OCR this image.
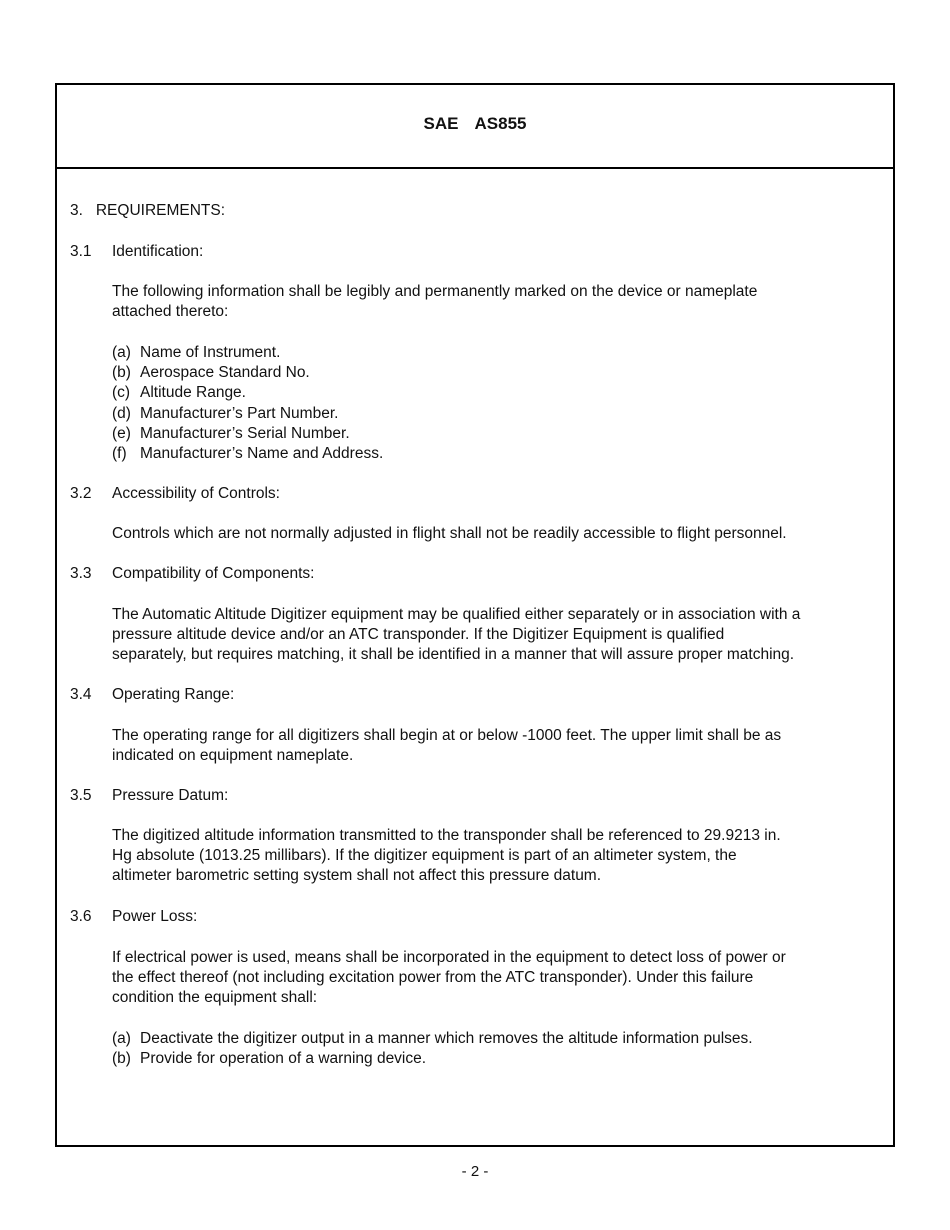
SAE AS855
3. REQUIREMENTS:
3.1 Identification:
The following information shall be legibly and permanently marked on the device or nameplate
attached thereto:
(a) Name of Instrument.
(b) Aerospace Standard No.
(c) Altitude Range.
(d) Manufacturer’s Part Number.
(e) Manufacturer’s Serial Number.
(f) Manufacturer’s Name and Address.
3.2 Accessibility of Controls:
Controls which are not normally adjusted in flight shall not be readily accessible to flight personnel.
3.3 Compatibility of Components:
The Automatic Altitude Digitizer equipment may be qualified either separately or in association with a
pressure altitude device and/or an ATC transponder. If the Digitizer Equipment is qualified
separately, but requires matching, it shall be identified in a manner that will assure proper matching.
3.4 Operating Range:
The operating range for all digitizers shall begin at or below -1000 feet. The upper limit shall be as
indicated on equipment nameplate.
3.5 Pressure Datum:
The digitized altitude information transmitted to the transponder shall be referenced to 29.9213 in.
Hg absolute (1013.25 millibars). If the digitizer equipment is part of an altimeter system, the
altimeter barometric setting system shall not affect this pressure datum.
3.6 Power Loss:
If electrical power is used, means shall be incorporated in the equipment to detect loss of power or
the effect thereof (not including excitation power from the ATC transponder). Under this failure
condition the equipment shall:
(a) Deactivate the digitizer output in a manner which removes the altitude information pulses.
(b) Provide for operation of a warning device.
- 2 -
